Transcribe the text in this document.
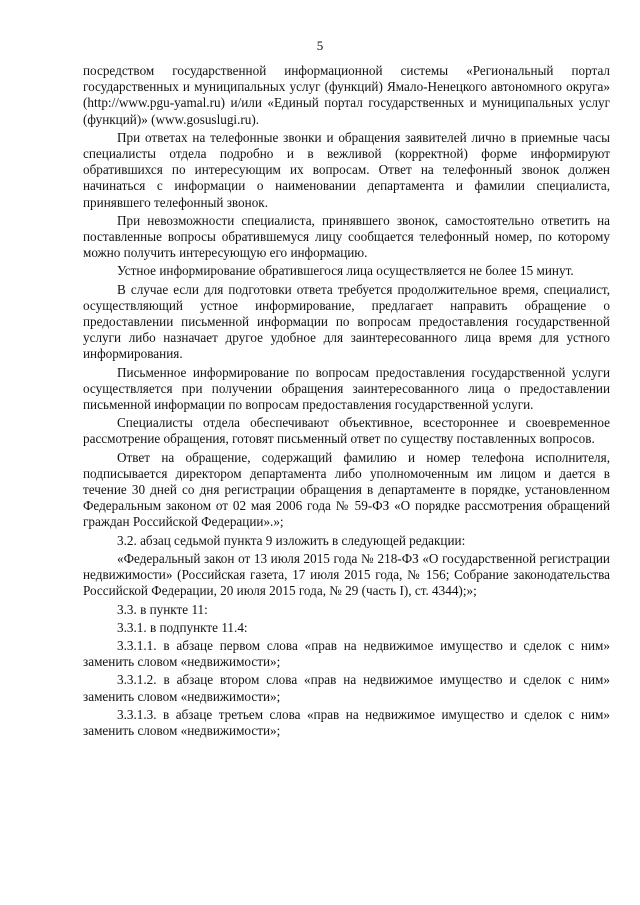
5

посредством государственной информационной системы «Региональный портал государственных и муниципальных услуг (функций) Ямало-Ненецкого автономного округа» (http://www.pgu-yamal.ru) и/или «Единый портал государственных и муниципальных услуг (функций)» (www.gosuslugi.ru).

При ответах на телефонные звонки и обращения заявителей лично в приемные часы специалисты отдела подробно и в вежливой (корректной) форме информируют обратившихся по интересующим их вопросам. Ответ на телефонный звонок должен начинаться с информации о наименовании департамента и фамилии специалиста, принявшего телефонный звонок.

При невозможности специалиста, принявшего звонок, самостоятельно ответить на поставленные вопросы обратившемуся лицу сообщается телефонный номер, по которому можно получить интересующую его информацию.

Устное информирование обратившегося лица осуществляется не более 15 минут.

В случае если для подготовки ответа требуется продолжительное время, специалист, осуществляющий устное информирование, предлагает направить обращение о предоставлении письменной информации по вопросам предоставления государственной услуги либо назначает другое удобное для заинтересованного лица время для устного информирования.

Письменное информирование по вопросам предоставления государственной услуги осуществляется при получении обращения заинтересованного лица о предоставлении письменной информации по вопросам предоставления государственной услуги.

Специалисты отдела обеспечивают объективное, всестороннее и своевременное рассмотрение обращения, готовят письменный ответ по существу поставленных вопросов.

Ответ на обращение, содержащий фамилию и номер телефона исполнителя, подписывается директором департамента либо уполномоченным им лицом и дается в течение 30 дней со дня регистрации обращения в департаменте в порядке, установленном Федеральным законом от 02 мая 2006 года № 59-ФЗ «О порядке рассмотрения обращений граждан Российской Федерации».»;

3.2. абзац седьмой пункта 9 изложить в следующей редакции:

«Федеральный закон от 13 июля 2015 года № 218-ФЗ «О государственной регистрации недвижимости» (Российская газета, 17 июля 2015 года, № 156; Собрание законодательства Российской Федерации, 20 июля 2015 года, № 29 (часть I), ст. 4344);»;

3.3. в пункте 11:

3.3.1. в подпункте 11.4:

3.3.1.1. в абзаце первом слова «прав на недвижимое имущество и сделок с ним» заменить словом «недвижимости»;

3.3.1.2. в абзаце втором слова «прав на недвижимое имущество и сделок с ним» заменить словом «недвижимости»;

3.3.1.3. в абзаце третьем слова «прав на недвижимое имущество и сделок с ним» заменить словом «недвижимости»;
